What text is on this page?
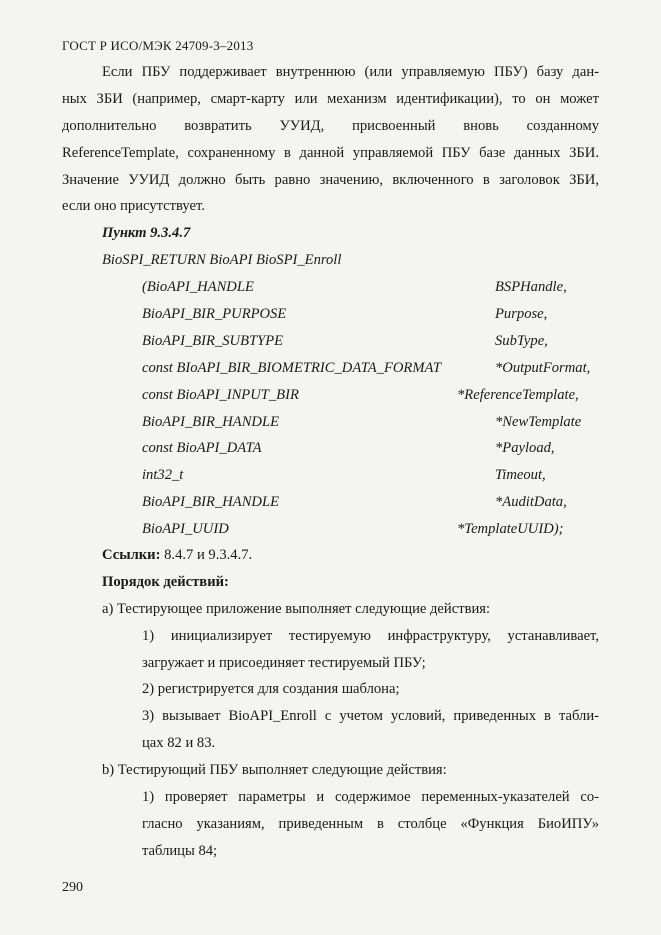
ГОСТ Р ИСО/МЭК 24709-3–2013
Если ПБУ поддерживает внутреннюю (или управляемую ПБУ) базу дан-
ных ЗБИ (например, смарт-карту или механизм идентификации), то он может
дополнительно возвратить УУИД, присвоенный вновь созданному
ReferenceTemplate, сохраненному в данной управляемой ПБУ базе данных ЗБИ.
Значение УУИД должно быть равно значению, включенного в заголовок ЗБИ,
если оно присутствует.
Пункт 9.3.4.7
BioSPI_RETURN BioAPI BioSPI_Enroll
(BioAPI_HANDLE	BSPHandle,
BioAPI_BIR_PURPOSE	Purpose,
BioAPI_BIR_SUBTYPE	SubType,
const BIoAPI_BIR_BIOMETRIC_DATA_FORMAT	*OutputFormat,
const BioAPI_INPUT_BIR	*ReferenceTemplate,
BioAPI_BIR_HANDLE	*NewTemplate
const BioAPI_DATA	*Payload,
int32_t	Timeout,
BioAPI_BIR_HANDLE	*AuditData,
BioAPI_UUID	*TemplateUUID);
Ссылки: 8.4.7 и 9.3.4.7.
Порядок действий:
а) Тестирующее приложение выполняет следующие действия:
1) инициализирует тестируемую инфраструктуру, устанавливает,
загружает и присоединяет тестируемый ПБУ;
2) регистрируется для создания шаблона;
3) вызывает BioAPI_Enroll с учетом условий, приведенных в табли-
цах 82 и 83.
b) Тестирующий ПБУ выполняет следующие действия:
1) проверяет параметры и содержимое переменных-указателей со-
гласно указаниям, приведенным в столбце «Функция БиоИПУ»
таблицы 84;
290
